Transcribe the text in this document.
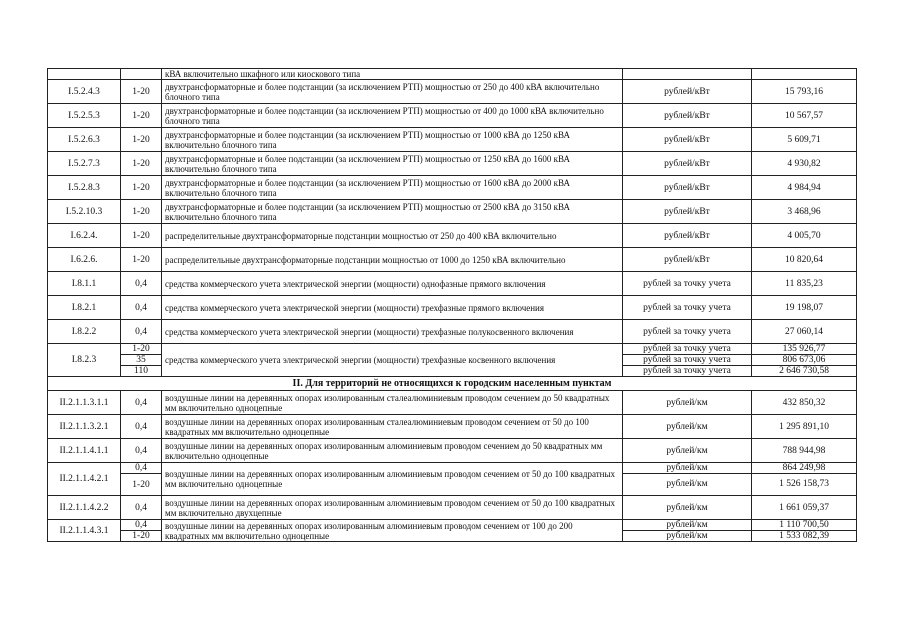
		кВА включительно шкафного или киоскового типа		
I.5.2.4.3	1-20	двухтрансформаторные и более подстанции (за исключением РТП) мощностью от 250 до 400 кВА включительно блочного типа	рублей/кВт	15 793,16
I.5.2.5.3	1-20	двухтрансформаторные и более подстанции (за исключением РТП) мощностью от 400 до 1000 кВА включительно блочного типа	рублей/кВт	10 567,57
I.5.2.6.3	1-20	двухтрансформаторные и более подстанции (за исключением РТП) мощностью от 1000 кВА до 1250 кВА включительно блочного типа	рублей/кВт	5 609,71
I.5.2.7.3	1-20	двухтрансформаторные и более подстанции (за исключением РТП) мощностью от 1250 кВА до 1600 кВА включительно блочного типа	рублей/кВт	4 930,82
I.5.2.8.3	1-20	двухтрансформаторные и более подстанции (за исключением РТП) мощностью от 1600 кВА до 2000 кВА включительно блочного типа	рублей/кВт	4 984,94
I.5.2.10.3	1-20	двухтрансформаторные и более подстанции (за исключением РТП) мощностью от 2500 кВА до 3150 кВА включительно блочного типа	рублей/кВт	3 468,96
I.6.2.4.	1-20	распределительные двухтрансформаторные подстанции мощностью от 250 до 400 кВА включительно	рублей/кВт	4 005,70
I.6.2.6.	1-20	распределительные двухтрансформаторные подстанции мощностью от 1000 до 1250 кВА включительно	рублей/кВт	10 820,64
I.8.1.1	0,4	средства коммерческого учета электрической энергии (мощности) однофазные прямого включения	рублей за точку учета	11 835,23
I.8.2.1	0,4	средства коммерческого учета электрической энергии (мощности) трехфазные прямого включения	рублей за точку учета	19 198,07
I.8.2.2	0,4	средства коммерческого учета электрической энергии (мощности) трехфазные полукосвенного включения	рублей за точку учета	27 060,14
I.8.2.3	1-20	средства коммерческого учета электрической энергии (мощности) трехфазные косвенного включения	рублей за точку учета	135 926,77
	35		рублей за точку учета	806 673,06
	110		рублей за точку учета	2 646 730,58
II. Для территорий не относящихся к городским населенным пунктам				
II.2.1.1.3.1.1	0,4	воздушные линии на деревянных опорах изолированным сталеалюминиевым проводом сечением до 50 квадратных мм включительно одноцепные	рублей/км	432 850,32
II.2.1.1.3.2.1	0,4	воздушные линии на деревянных опорах изолированным сталеалюминиевым проводом сечением от 50 до 100 квадратных мм включительно одноцепные	рублей/км	1 295 891,10
II.2.1.1.4.1.1	0,4	воздушные линии на деревянных опорах изолированным алюминиевым проводом сечением до 50 квадратных мм включительно одноцепные	рублей/км	788 944,98
II.2.1.1.4.2.1	0,4	воздушные линии на деревянных опорах изолированным алюминиевым проводом сечением от 50 до 100 квадратных мм включительно одноцепные	рублей/км	864 249,98
	1-20		рублей/км	1 526 158,73
II.2.1.1.4.2.2	0,4	воздушные линии на деревянных опорах изолированным алюминиевым проводом сечением от 50 до 100 квадратных мм включительно двухцепные	рублей/км	1 661 059,37
II.2.1.1.4.3.1	0,4	воздушные линии на деревянных опорах изолированным алюминиевым проводом сечением от 100 до 200 квадратных мм включительно одноцепные	рублей/км	1 110 700,50
	1-20		рублей/км	1 533 082,39
